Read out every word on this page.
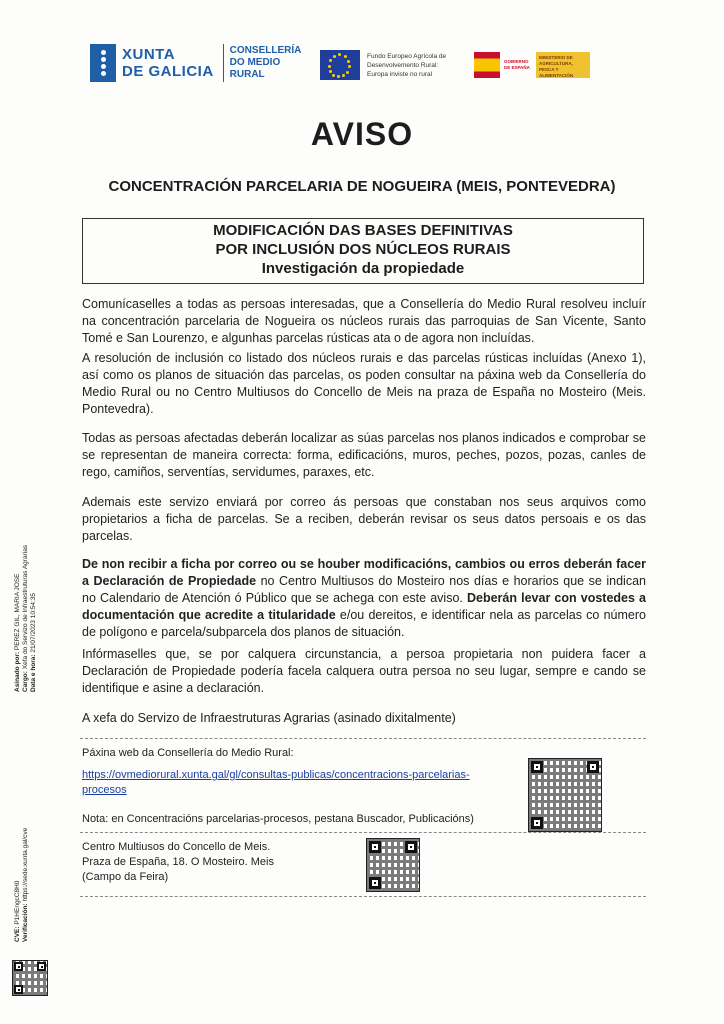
XUNTA
DE GALICIA
CONSELLERÍA
DO MEDIO
RURAL
Fundo Europeo Agrícola de
Desenvolvemento Rural:
Europa inviste no rural
GOBIERNO DE ESPAÑA
MINISTERIO DE AGRICULTURA, PESCA Y ALIMENTACIÓN
AVISO
CONCENTRACIÓN PARCELARIA DE NOGUEIRA (MEIS, PONTEVEDRA)
MODIFICACIÓN DAS BASES DEFINITIVAS
POR INCLUSIÓN DOS NÚCLEOS RURAIS
Investigación da propiedade
Comunícaselles a todas as persoas interesadas, que a Consellería do Medio Rural resolveu incluír na concentración parcelaria de Nogueira os núcleos rurais das parroquias de San Vicente, Santo Tomé e San Lourenzo, e algunhas parcelas rústicas ata o de agora non incluídas.
A resolución de inclusión co listado dos núcleos rurais e das parcelas rústicas incluídas (Anexo 1), así como os planos de situación das parcelas, os poden consultar na páxina web da Consellería do Medio Rural ou no Centro Multiusos do Concello de Meis na praza de España no Mosteiro (Meis. Pontevedra).
Todas as persoas afectadas deberán localizar as súas parcelas nos planos indicados e comprobar se se representan de maneira correcta: forma, edificacións, muros, peches, pozos, pozas, canles de rego, camiños, serventías, servidumes, paraxes, etc.
Ademais este servizo enviará por correo ás persoas que constaban nos seus arquivos como propietarios a ficha de parcelas. Se a reciben, deberán revisar os seus datos persoais e os das parcelas.
De non recibir a ficha por correo ou se houber modificacións, cambios ou erros deberán facer a Declaración de Propiedade no Centro Multiusos do Mosteiro nos días e horarios que se indican no Calendario de Atención ó Público que se achega con este aviso. Deberán levar con vostedes a documentación que acredite a titularidade e/ou dereitos, e identificar nela as parcelas co número de polígono e parcela/subparcela dos planos de situación.
Infórmaselles que, se por calquera circunstancia, a persoa propietaria non puidera facer a Declaración de Propiedade podería facela calquera outra persoa no seu lugar, sempre e cando se identifique e asine a declaración.
A xefa do Servizo de Infraestruturas Agrarias (asinado dixitalmente)
Páxina web da Consellería do Medio Rural:
https://ovmediorural.xunta.gal/gl/consultas-publicas/concentracions-parcelarias-
procesos
Nota: en Concentracións parcelarias-procesos, pestana Buscador, Publicacións)
Centro Multiusos do Concello de Meis.
Praza de España, 18. O Mosteiro. Meis
(Campo da Feira)
Asinado por: PEREZ GIL, MARIA JOSE
Cargo: Xefa do Servizo de Infraestruturas Agrarias
Data e hora: 21/07/2023 10:54:35
CVE: P1HEngcC8H0 Verificación: https://sede.xunta.gal/cve
